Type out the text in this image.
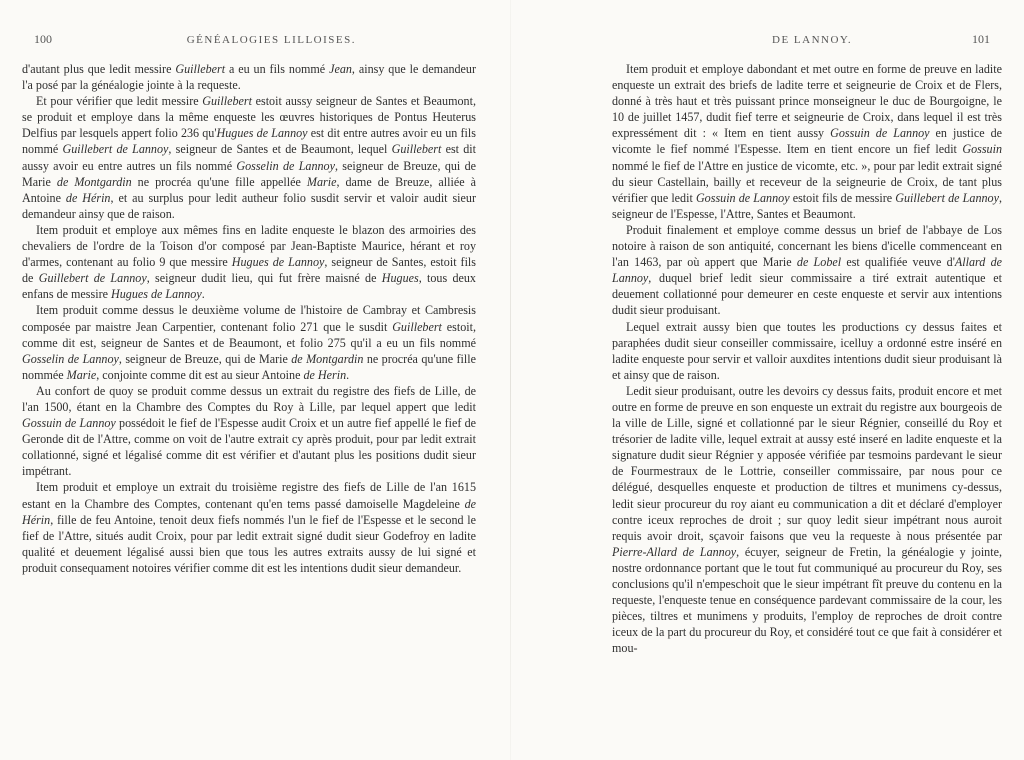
100	GÉNÉALOGIES LILLOISES.

d'autant plus que ledit messire Guillebert a eu un fils nommé Jean, ainsy que le demandeur l'a posé par la généalogie jointe à la requeste.

Et pour vérifier que ledit messire Guillebert estoit aussy seigneur de Santes et Beaumont, se produit et employe dans la même enqueste les œuvres historiques de Pontus Heuterus Delfius par lesquels appert folio 236 qu'Hugues de Lannoy est dit entre autres avoir eu un fils nommé Guillebert de Lannoy, seigneur de Santes et de Beaumont, lequel Guillebert est dit aussy avoir eu entre autres un fils nommé Gosselin de Lannoy, seigneur de Breuze, qui de Marie de Montgardin ne procréa qu'une fille appellée Marie, dame de Breuze, alliée à Antoine de Hérin, et au surplus pour ledit autheur folio susdit servir et valoir audit sieur demandeur ainsy que de raison.

Item produit et employe aux mêmes fins en ladite enqueste le blazon des armoiries des chevaliers de l'ordre de la Toison d'or composé par Jean-Baptiste Maurice, hérant et roy d'armes, contenant au folio 9 que messire Hugues de Lannoy, seigneur de Santes, estoit fils de Guillebert de Lannoy, seigneur dudit lieu, qui fut frère maisné de Hugues, tous deux enfans de messire Hugues de Lannoy.

Item produit comme dessus le deuxième volume de l'histoire de Cambray et Cambresis composée par maistre Jean Carpentier, contenant folio 271 que le susdit Guillebert estoit, comme dit est, seigneur de Santes et de Beaumont, et folio 275 qu'il a eu un fils nommé Gosselin de Lannoy, seigneur de Breuze, qui de Marie de Montgardin ne procréa qu'une fille nommée Marie, conjointe comme dit est au sieur Antoine de Herin.

Au confort de quoy se produit comme dessus un extrait du registre des fiefs de Lille, de l'an 1500, étant en la Chambre des Comptes du Roy à Lille, par lequel appert que ledit Gossuin de Lannoy possédoit le fief de l'Espesse audit Croix et un autre fief appellé le fief de Geronde dit de l'Attre, comme on voit de l'autre extrait cy après produit, pour par ledit extrait collationné, signé et légalisé comme dit est vérifier et d'autant plus les positions dudit sieur impétrant.

Item produit et employe un extrait du troisième registre des fiefs de Lille de l'an 1615 estant en la Chambre des Comptes, contenant qu'en tems passé damoiselle Magdeleine de Hérin, fille de feu Antoine, tenoit deux fiefs nommés l'un le fief de l'Espesse et le second le fief de l'Attre, situés audit Croix, pour par ledit extrait signé dudit sieur Godefroy en ladite qualité et deuement légalisé aussi bien que tous les autres extraits aussy de lui signé et produit consequament notoires vérifier comme dit est les intentions dudit sieur demandeur.

DE LANNOY.	101

Item produit et employe dabondant et met outre en forme de preuve en ladite enqueste un extrait des briefs de ladite terre et seigneurie de Croix et de Flers, donné à très haut et très puissant prince monseigneur le duc de Bourgoigne, le 10 de juillet 1457, dudit fief terre et seigneurie de Croix, dans lequel il est très expressément dit : « Item en tient aussy Gossuin de Lannoy en justice de vicomte le fief nommé l'Espesse. Item en tient encore un fief ledit Gossuin nommé le fief de l'Attre en justice de vicomte, etc. », pour par ledit extrait signé du sieur Castellain, bailly et receveur de la seigneurie de Croix, de tant plus vérifier que ledit Gossuin de Lannoy estoit fils de messire Guillebert de Lannoy, seigneur de l'Espesse, l'Attre, Santes et Beaumont.

Produit finalement et employe comme dessus un brief de l'abbaye de Los notoire à raison de son antiquité, concernant les biens d'icelle commenceant en l'an 1463, par où appert que Marie de Lobel est qualifiée veuve d'Allard de Lannoy, duquel brief ledit sieur commissaire a tiré extrait autentique et deuement collationné pour demeurer en ceste enqueste et servir aux intentions dudit sieur produisant.

Lequel extrait aussy bien que toutes les productions cy dessus faites et paraphées dudit sieur conseiller commissaire, icelluy a ordonné estre inséré en ladite enqueste pour servir et valloir auxdites intentions dudit sieur produisant là et ainsy que de raison.

Ledit sieur produisant, outre les devoirs cy dessus faits, produit encore et met outre en forme de preuve en son enqueste un extrait du registre aux bourgeois de la ville de Lille, signé et collationné par le sieur Régnier, conseillé du Roy et trésorier de ladite ville, lequel extrait at aussy esté inseré en ladite enqueste et la signature dudit sieur Régnier y apposée vérifiée par tesmoins pardevant le sieur de Fourmestraux de le Lottrie, conseiller commissaire, par nous pour ce délégué, desquelles enqueste et production de tiltres et munimens cy-dessus, ledit sieur procureur du roy aiant eu communication a dit et déclaré d'employer contre iceux reproches de droit ; sur quoy ledit sieur impétrant nous auroit requis avoir droit, sçavoir faisons que veu la requeste à nous présentée par Pierre-Allard de Lannoy, écuyer, seigneur de Fretin, la généalogie y jointe, nostre ordonnance portant que le tout fut communiqué au procureur du Roy, ses conclusions qu'il n'empeschoit que le sieur impétrant fît preuve du contenu en la requeste, l'enqueste tenue en conséquence pardevant commissaire de la cour, les pièces, tiltres et munimens y produits, l'employ de reproches de droit contre iceux de la part du procureur du Roy, et considéré tout ce que fait à considérer et mou-
